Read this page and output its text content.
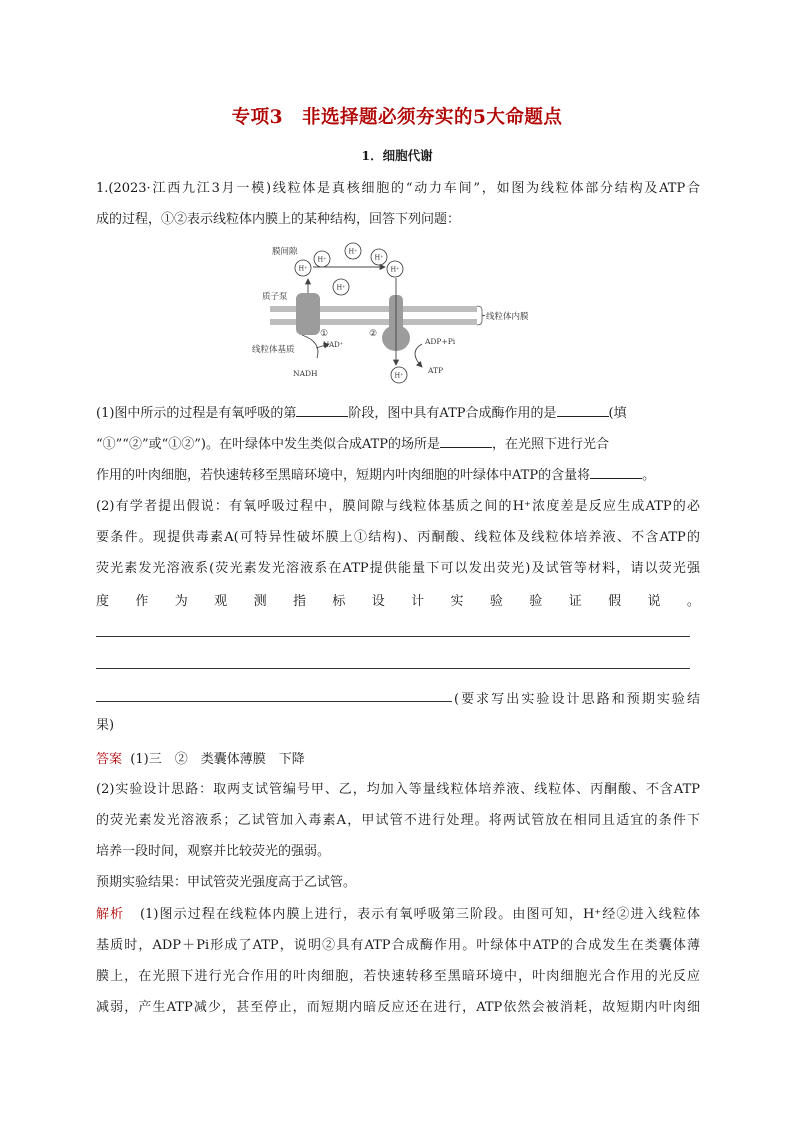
专项3　非选择题必须夯实的5大命题点
1．细胞代谢

1.(2023·江西九江3月一模)线粒体是真核细胞的“动力车间”，如图为线粒体部分结构及ATP合

成的过程，①②表示线粒体内膜上的某种结构，回答下列问题：

线粒体内膜
H⁺
H⁺
H⁺
H⁺
H⁺
H⁺
H⁺
膜间隙
质子泵
线粒体基质
①	②
NAD⁺
NADH
ADP+Pi
ATP

(1)图中所示的过程是有氧呼吸的第	阶段，图中具有ATP合成酶作用的是	(填

“①”“②”或“①②”)。在叶绿体中发生类似合成ATP的场所是	，在光照下进行光合

作用的叶肉细胞，若快速转移至黑暗环境中，短期内叶肉细胞的叶绿体中ATP的含量将	。

(2)有学者提出假说：有氧呼吸过程中，膜间隙与线粒体基质之间的H⁺浓度差是反应生成ATP的必

要条件。现提供毒素A(可特异性破坏膜上①结构)、丙酮酸、线粒体及线粒体培养液、不含ATP的

荧光素发光溶液系(荧光素发光溶液系在ATP提供能量下可以发出荧光)及试管等材料，请以荧光强

度 作 为 观 测 指 标 设 计 实 验 验 证 假 说 。

(要求写出实验设计思路和预期实验结

果)

答案 (1)三　②　类囊体薄膜　下降

(2)实验设计思路：取两支试管编号甲、乙，均加入等量线粒体培养液、线粒体、丙酮酸、不含ATP

的荧光素发光溶液系；乙试管加入毒素A，甲试管不进行处理。将两试管放在相同且适宜的条件下

培养一段时间，观察并比较荧光的强弱。

预期实验结果：甲试管荧光强度高于乙试管。

解析 (1)图示过程在线粒体内膜上进行，表示有氧呼吸第三阶段。由图可知，H⁺经②进入线粒体

基质时，ADP＋Pi形成了ATP，说明②具有ATP合成酶作用。叶绿体中ATP的合成发生在类囊体薄

膜上，在光照下进行光合作用的叶肉细胞，若快速转移至黑暗环境中，叶肉细胞光合作用的光反应

减弱，产生ATP减少，甚至停止，而短期内暗反应还在进行，ATP依然会被消耗，故短期内叶肉细
